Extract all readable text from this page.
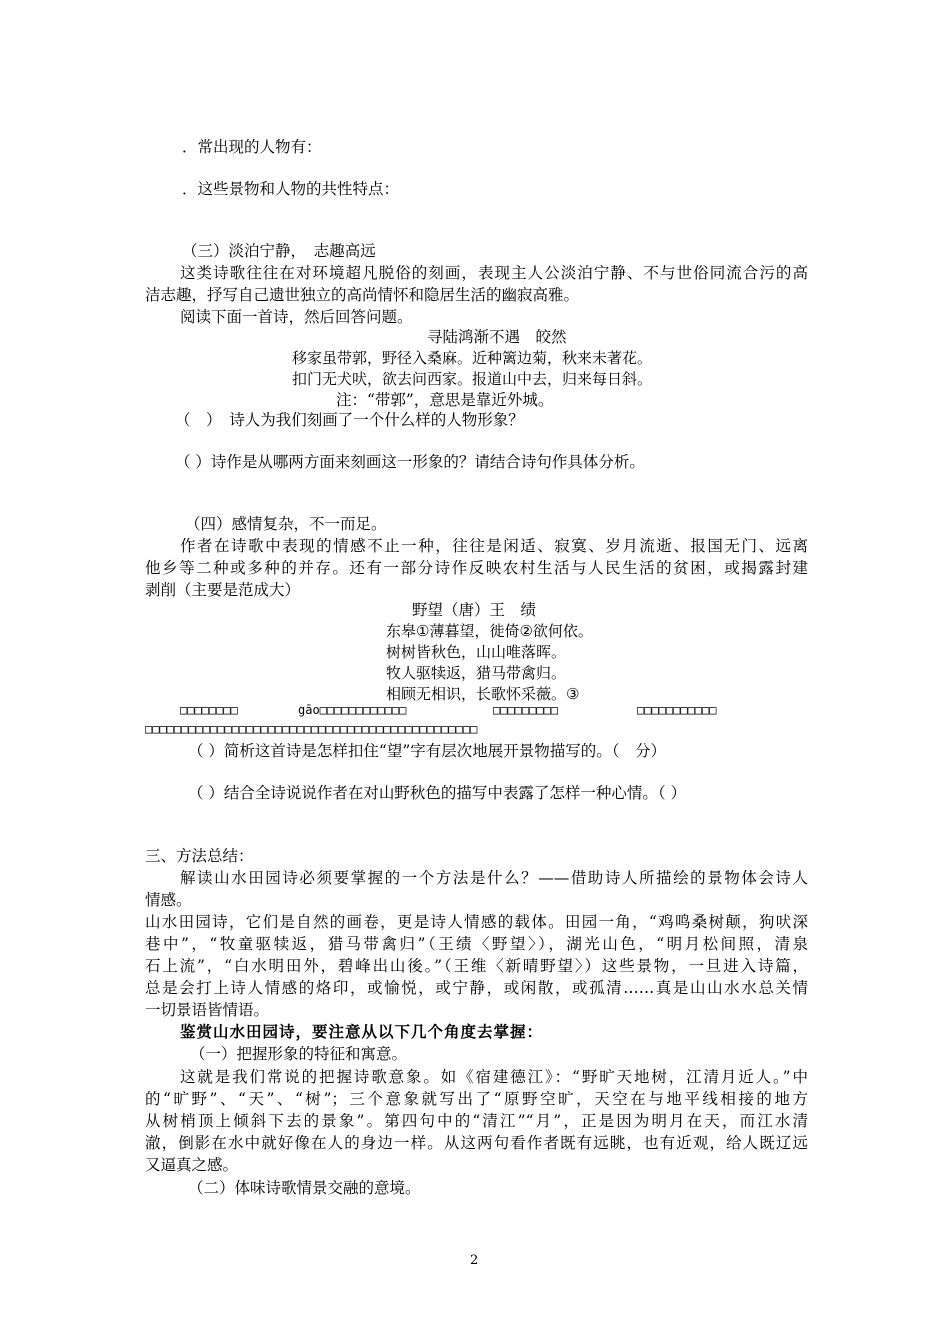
．常出现的人物有：
．这些景物和人物的共性特点：
（三）淡泊宁静，　志趣高远
这类诗歌往往在对环境超凡脱俗的刻画，表现主人公淡泊宁静、不与世俗同流合污的高
洁志趣，抒写自己遗世独立的高尚情怀和隐居生活的幽寂高雅。
阅读下面一首诗，然后回答问题。
寻陆鸿渐不遇　皎然
移家虽带郭，野径入桑麻。近种篱边菊，秋来未著花。
扣门无犬吠，欲去问西家。报道山中去，归来每日斜。
注：“带郭”，意思是靠近外城。
（　）　诗人为我们刻画了一个什么样的人物形象？
（ ）诗作是从哪两方面来刻画这一形象的？请结合诗句作具体分析。
（四）感情复杂，不一而足。
作者在诗歌中表现的情感不止一种，往往是闲适、寂寞、岁月流逝、报国无门、远离
他乡等二种或多种的并存。还有一部分诗作反映农村生活与人民生活的贫困，或揭露封建
剥削（主要是范成大）
野望（唐）王　绩
东皋①薄暮望，徙倚②欲何依。
树树皆秋色，山山唯落晖。
牧人驱犊返，猎马带禽归。
相顾无相识，长歌怀采薇。③
□□□□□□□□	gāo□□□□□□□□□□□□	□□□□□□□□□	□□□□□□□□□□□
□□□□□□□□□□□□□□□□□□□□□□□□□□□□□□□□□□□□□□□□□□□□□□
（ ）简析这首诗是怎样扣住“望”字有层次地展开景物描写的。（　分）
（ ）结合全诗说说作者在对山野秋色的描写中表露了怎样一种心情。（ ）
三、方法总结：
解读山水田园诗必须要掌握的一个方法是什么？——借助诗人所描绘的景物体会诗人
情感。
山水田园诗，它们是自然的画卷，更是诗人情感的载体。田园一角，“鸡鸣桑树颠，狗吠深
巷中”，“牧童驱犊返，猎马带禽归”（王绩〈野望〉），湖光山色，“明月松间照，清泉
石上流”，“白水明田外，碧峰出山後。”（王维〈新晴野望〉）这些景物，一旦进入诗篇，
总是会打上诗人情感的烙印，或愉悦，或宁静，或闲散，或孤清……真是山山水水总关情
一切景语皆情语。
鉴赏山水田园诗，要注意从以下几个角度去掌握：
（一）把握形象的特征和寓意。
这就是我们常说的把握诗歌意象。如《宿建德江》：“野旷天地树，江清月近人。”中
的“旷野”、“天”、“树”；三个意象就写出了“原野空旷，天空在与地平线相接的地方
从树梢顶上倾斜下去的景象”。第四句中的“清江”“月”，正是因为明月在天，而江水清
澈，倒影在水中就好像在人的身边一样。从这两句看作者既有远眺，也有近观，给人既辽远
又逼真之感。
（二）体味诗歌情景交融的意境。
2
